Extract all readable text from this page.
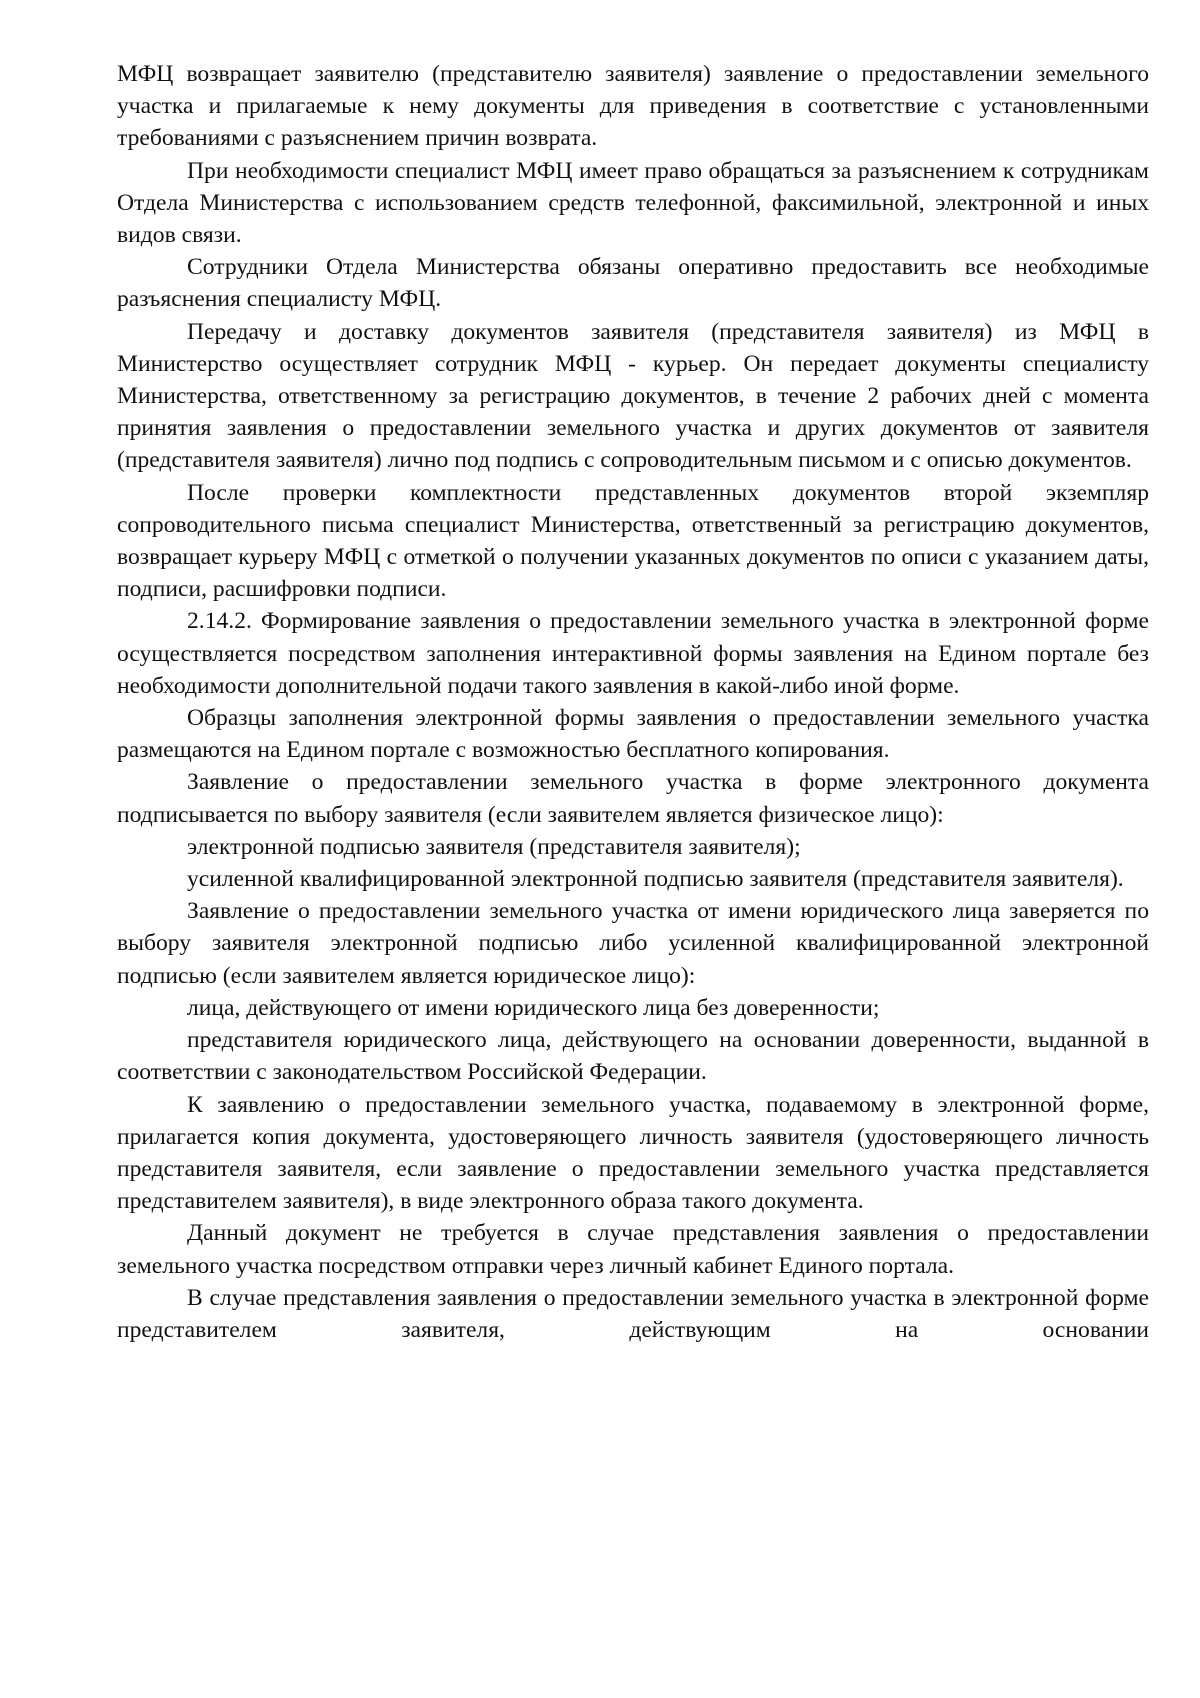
МФЦ возвращает заявителю (представителю заявителя) заявление о предоставлении земельного участка и прилагаемые к нему документы для приведения в соответствие с установленными требованиями с разъяснением причин возврата.

При необходимости специалист МФЦ имеет право обращаться за разъяснением к сотрудникам Отдела Министерства с использованием средств телефонной, факсимильной, электронной и иных видов связи.

Сотрудники Отдела Министерства обязаны оперативно предоставить все необходимые разъяснения специалисту МФЦ.

Передачу и доставку документов заявителя (представителя заявителя) из МФЦ в Министерство осуществляет сотрудник МФЦ - курьер. Он передает документы специалисту Министерства, ответственному за регистрацию документов, в течение 2 рабочих дней с момента принятия заявления о предоставлении земельного участка и других документов от заявителя (представителя заявителя) лично под подпись с сопроводительным письмом и с описью документов.

После проверки комплектности представленных документов второй экземпляр сопроводительного письма специалист Министерства, ответственный за регистрацию документов, возвращает курьеру МФЦ с отметкой о получении указанных документов по описи с указанием даты, подписи, расшифровки подписи.

2.14.2. Формирование заявления о предоставлении земельного участка в электронной форме осуществляется посредством заполнения интерактивной формы заявления на Едином портале без необходимости дополнительной подачи такого заявления в какой-либо иной форме.

Образцы заполнения электронной формы заявления о предоставлении земельного участка размещаются на Едином портале с возможностью бесплатного копирования.

Заявление о предоставлении земельного участка в форме электронного документа подписывается по выбору заявителя (если заявителем является физическое лицо):

электронной подписью заявителя (представителя заявителя);

усиленной квалифицированной электронной подписью заявителя (представителя заявителя).

Заявление о предоставлении земельного участка от имени юридического лица заверяется по выбору заявителя электронной подписью либо усиленной квалифицированной электронной подписью (если заявителем является юридическое лицо):

лица, действующего от имени юридического лица без доверенности;

представителя юридического лица, действующего на основании доверенности, выданной в соответствии с законодательством Российской Федерации.

К заявлению о предоставлении земельного участка, подаваемому в электронной форме, прилагается копия документа, удостоверяющего личность заявителя (удостоверяющего личность представителя заявителя, если заявление о предоставлении земельного участка представляется представителем заявителя), в виде электронного образа такого документа.

Данный документ не требуется в случае представления заявления о предоставлении земельного участка посредством отправки через личный кабинет Единого портала.

В случае представления заявления о предоставлении земельного участка в электронной форме представителем заявителя, действующим на основании
